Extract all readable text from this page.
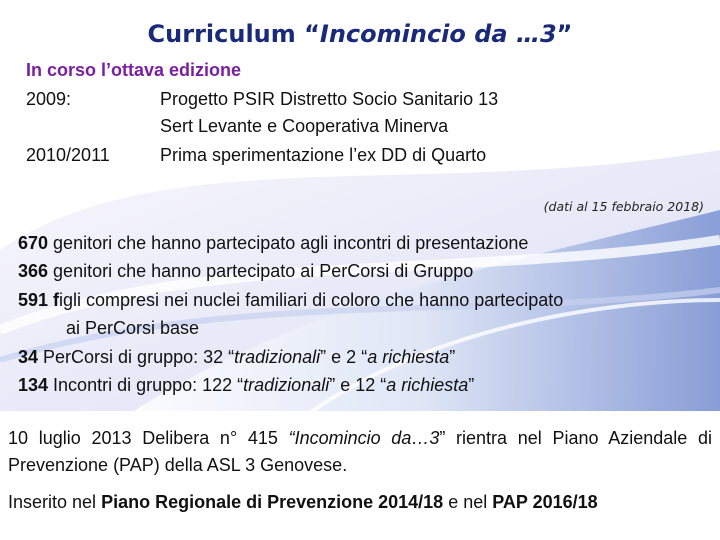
Curriculum “Incomincio da …3”
In corso l’ottava edizione
2009:	Progetto PSIR Distretto Socio Sanitario 13
Sert Levante e Cooperativa Minerva
2010/2011	Prima sperimentazione l’ex DD di Quarto
(dati al 15 febbraio 2018)
670 genitori che hanno partecipato agli incontri di presentazione
366 genitori che hanno partecipato ai PerCorsi di Gruppo
591 figli compresi nei nuclei familiari di coloro che hanno partecipato
ai PerCorsi base
34 PerCorsi di gruppo: 32 “tradizionali” e 2 “a richiesta”
134 Incontri di gruppo: 122 “tradizionali” e 12 “a richiesta”
10 luglio 2013 Delibera n° 415 “Incomincio da…3” rientra nel Piano Aziendale di Prevenzione (PAP) della ASL 3 Genovese.
Inserito nel Piano Regionale di Prevenzione 2014/18 e nel PAP 2016/18
